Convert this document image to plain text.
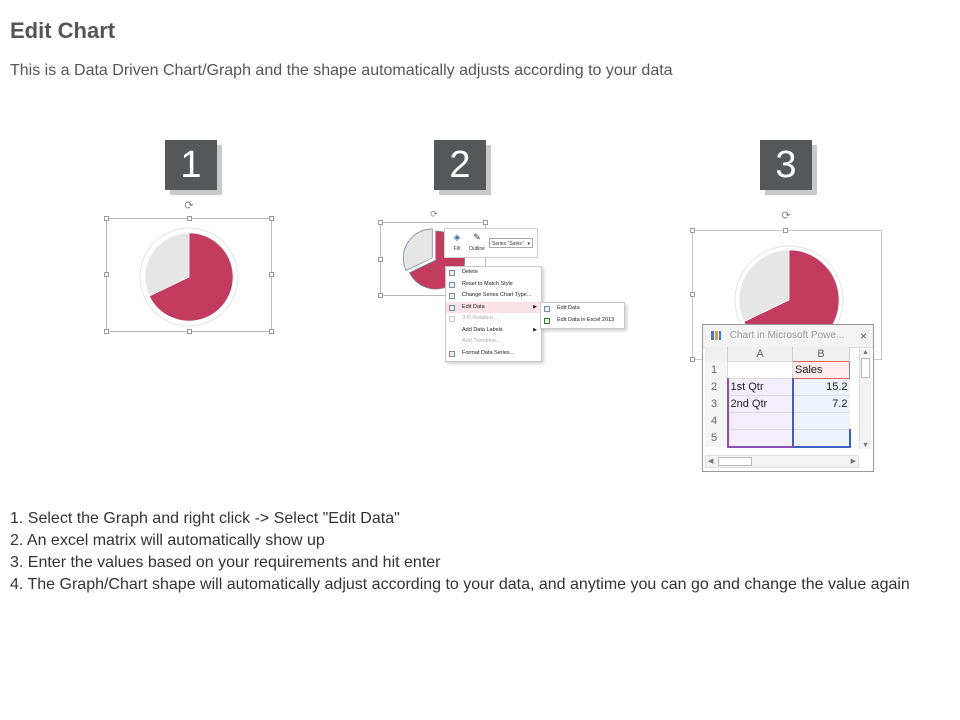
Edit Chart
This is a Data Driven Chart/Graph and the shape automatically adjusts according to your data
1	2	3
⟳
⟳
◈
Fill
✎
Outline
Series "Sales" ▾
Delete
Reset to Match Style
Change Series Chart Type...
Edit Data	▶
3-D Rotation...
Add Data Labels	▶
Add Trendline...
Format Data Series...
Edit Data
Edit Data in Excel 2013
⟳
Chart in Microsoft Powe... ×
	A	B
1		Sales
2	1st Qtr	15.2
3	2nd Qtr	7.2
4		
5		
▲
▼
◀	▶
1. Select the Graph and right click -> Select "Edit Data"
2. An excel matrix will automatically show up
3. Enter the values based on your requirements and hit enter
4. The Graph/Chart shape will automatically adjust according to your data, and anytime you can go and change the value again
